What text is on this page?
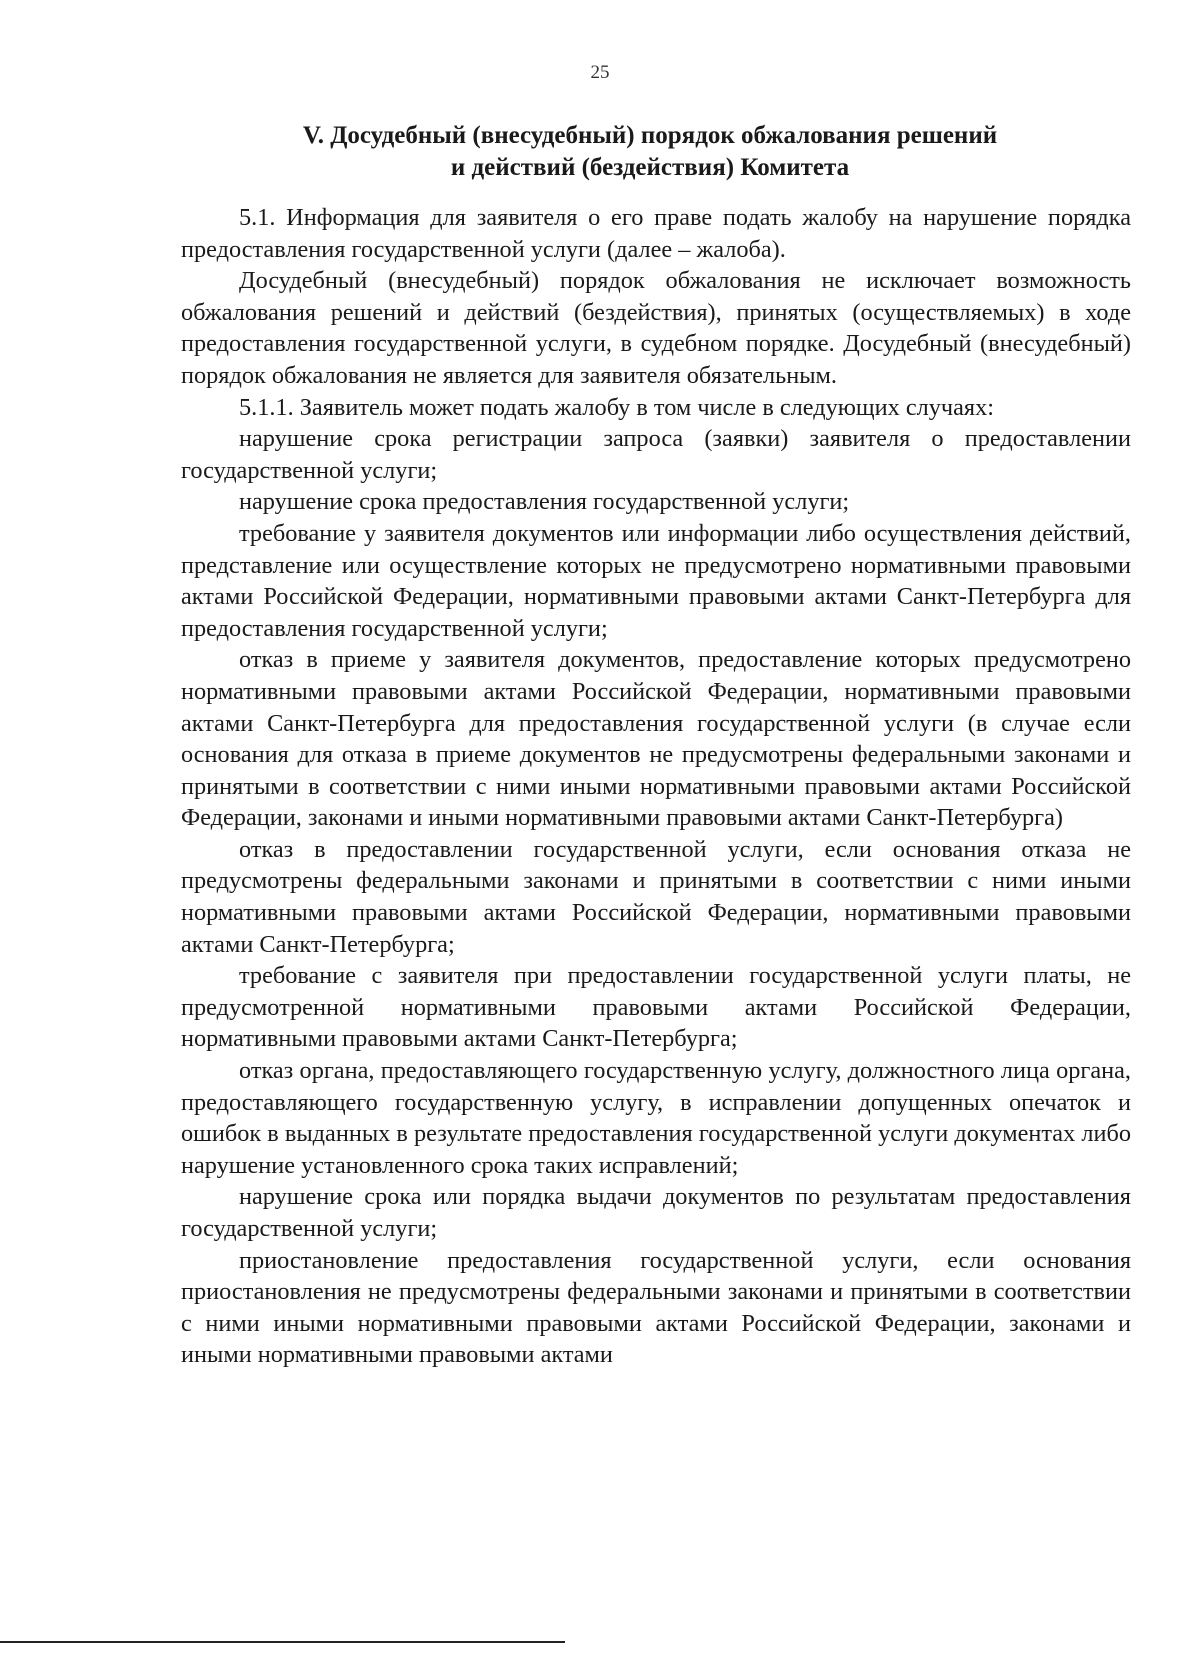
25
V. Досудебный (внесудебный) порядок обжалования решений
и действий (бездействия) Комитета

5.1. Информация для заявителя о его праве подать жалобу на нарушение порядка предоставления государственной услуги (далее – жалоба).

Досудебный (внесудебный) порядок обжалования не исключает возможность обжалования решений и действий (бездействия), принятых (осуществляемых) в ходе предоставления государственной услуги, в судебном порядке. Досудебный (внесудебный) порядок обжалования не является для заявителя обязательным.

5.1.1. Заявитель может подать жалобу в том числе в следующих случаях:

нарушение срока регистрации запроса (заявки) заявителя о предоставлении государственной услуги;

нарушение срока предоставления государственной услуги;

требование у заявителя документов или информации либо осуществления действий, представление или осуществление которых не предусмотрено нормативными правовыми актами Российской Федерации, нормативными правовыми актами Санкт-Петербурга для предоставления государственной услуги;

отказ в приеме у заявителя документов, предоставление которых предусмотрено нормативными правовыми актами Российской Федерации, нормативными правовыми актами Санкт-Петербурга для предоставления государственной услуги (в случае если основания для отказа в приеме документов не предусмотрены федеральными законами и принятыми в соответствии с ними иными нормативными правовыми актами Российской Федерации, законами и иными нормативными правовыми актами Санкт-Петербурга)

отказ в предоставлении государственной услуги, если основания отказа не предусмотрены федеральными законами и принятыми в соответствии с ними иными нормативными правовыми актами Российской Федерации, нормативными правовыми актами Санкт-Петербурга;

требование с заявителя при предоставлении государственной услуги платы, не предусмотренной нормативными правовыми актами Российской Федерации, нормативными правовыми актами Санкт-Петербурга;

отказ органа, предоставляющего государственную услугу, должностного лица органа, предоставляющего государственную услугу, в исправлении допущенных опечаток и ошибок в выданных в результате предоставления государственной услуги документах либо нарушение установленного срока таких исправлений;

нарушение срока или порядка выдачи документов по результатам предоставления государственной услуги;

приостановление предоставления государственной услуги, если основания приостановления не предусмотрены федеральными законами и принятыми в соответствии с ними иными нормативными правовыми актами Российской Федерации, законами и иными нормативными правовыми актами
